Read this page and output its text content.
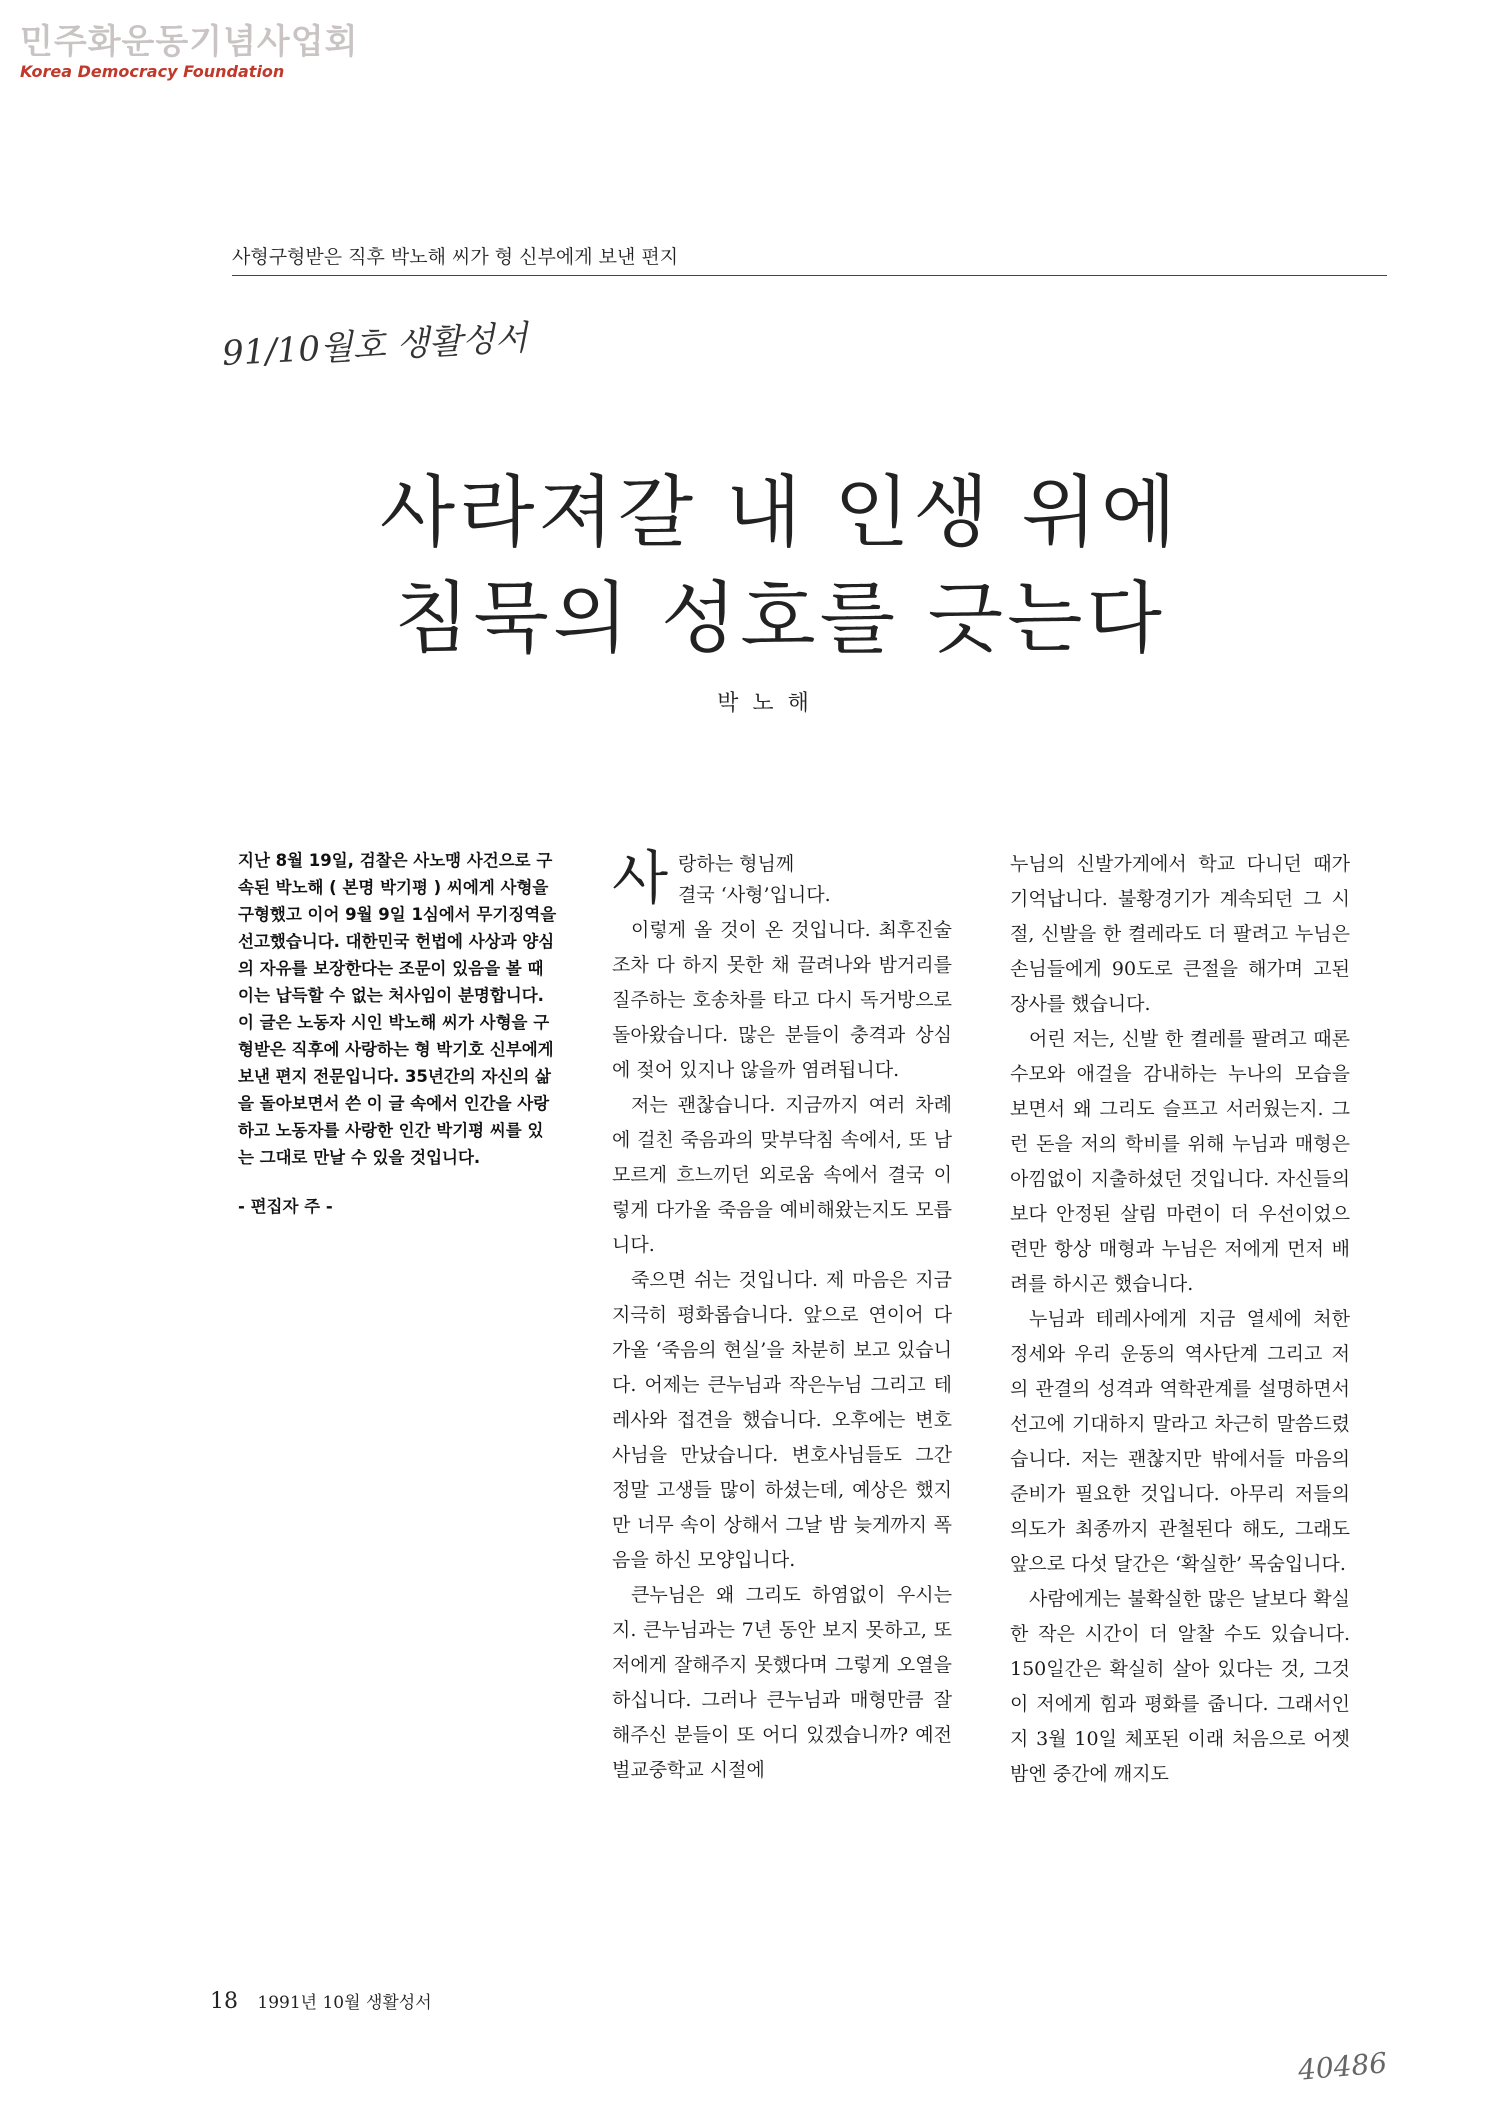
민주화운동기념사업회
Korea Democracy Foundation
사형구형받은 직후 박노해 씨가 형 신부에게 보낸 편지
91/10월호 생활성서
사라져갈 내 인생 위에
침묵의 성호를 긋는다
박노해

지난 8월 19일, 검찰은 사노맹 사건으로 구속된 박노해 ( 본명 박기평 ) 씨에게 사형을 구형했고 이어 9월 9일 1심에서 무기징역을 선고했습니다. 대한민국 헌법에 사상과 양심의 자유를 보장한다는 조문이 있음을 볼 때 이는 납득할 수 없는 처사임이 분명합니다. 이 글은 노동자 시인 박노해 씨가 사형을 구형받은 직후에 사랑하는 형 박기호 신부에게 보낸 편지 전문입니다. 35년간의 자신의 삶을 돌아보면서 쓴 이 글 속에서 인간을 사랑하고 노동자를 사랑한 인간 박기평 씨를 있는 그대로 만날 수 있을 것입니다.

- 편집자 주 -

사 랑하는 형님께
결국 ‘사형’입니다.

이렇게 올 것이 온 것입니다. 최후진술조차 다 하지 못한 채 끌려나와 밤거리를 질주하는 호송차를 타고 다시 독거방으로 돌아왔습니다. 많은 분들이 충격과 상심에 젖어 있지나 않을까 염려됩니다.

저는 괜찮습니다. 지금까지 여러 차례에 걸친 죽음과의 맞부닥침 속에서, 또 남모르게 흐느끼던 외로움 속에서 결국 이렇게 다가올 죽음을 예비해왔는지도 모릅니다.

죽으면 쉬는 것입니다. 제 마음은 지금 지극히 평화롭습니다. 앞으로 연이어 다가올 ‘죽음의 현실’을 차분히 보고 있습니다. 어제는 큰누님과 작은누님 그리고 테레사와 접견을 했습니다. 오후에는 변호사님을 만났습니다. 변호사님들도 그간 정말 고생들 많이 하셨는데, 예상은 했지만 너무 속이 상해서 그날 밤 늦게까지 폭음을 하신 모양입니다.

큰누님은 왜 그리도 하염없이 우시는지. 큰누님과는 7년 동안 보지 못하고, 또 저에게 잘해주지 못했다며 그렇게 오열을 하십니다. 그러나 큰누님과 매형만큼 잘해주신 분들이 또 어디 있겠습니까? 예전 벌교중학교 시절에

누님의 신발가게에서 학교 다니던 때가 기억납니다. 불황경기가 계속되던 그 시절, 신발을 한 켤레라도 더 팔려고 누님은 손님들에게 90도로 큰절을 해가며 고된 장사를 했습니다.

어린 저는, 신발 한 켤레를 팔려고 때론 수모와 애걸을 감내하는 누나의 모습을 보면서 왜 그리도 슬프고 서러웠는지. 그런 돈을 저의 학비를 위해 누님과 매형은 아낌없이 지출하셨던 것입니다. 자신들의 보다 안정된 살림 마련이 더 우선이었으련만 항상 매형과 누님은 저에게 먼저 배려를 하시곤 했습니다.

누님과 테레사에게 지금 열세에 처한 정세와 우리 운동의 역사단계 그리고 저의 관결의 성격과 역학관계를 설명하면서 선고에 기대하지 말라고 차근히 말씀드렸습니다. 저는 괜찮지만 밖에서들 마음의 준비가 필요한 것입니다. 아무리 저들의 의도가 최종까지 관철된다 해도, 그래도 앞으로 다섯 달간은 ‘확실한’ 목숨입니다.

사람에게는 불확실한 많은 날보다 확실한 작은 시간이 더 알찰 수도 있습니다. 150일간은 확실히 살아 있다는 것, 그것이 저에게 힘과 평화를 줍니다. 그래서인지 3월 10일 체포된 이래 처음으로 어젯밤엔 중간에 깨지도

18 1991년 10월 생활성서
40486
